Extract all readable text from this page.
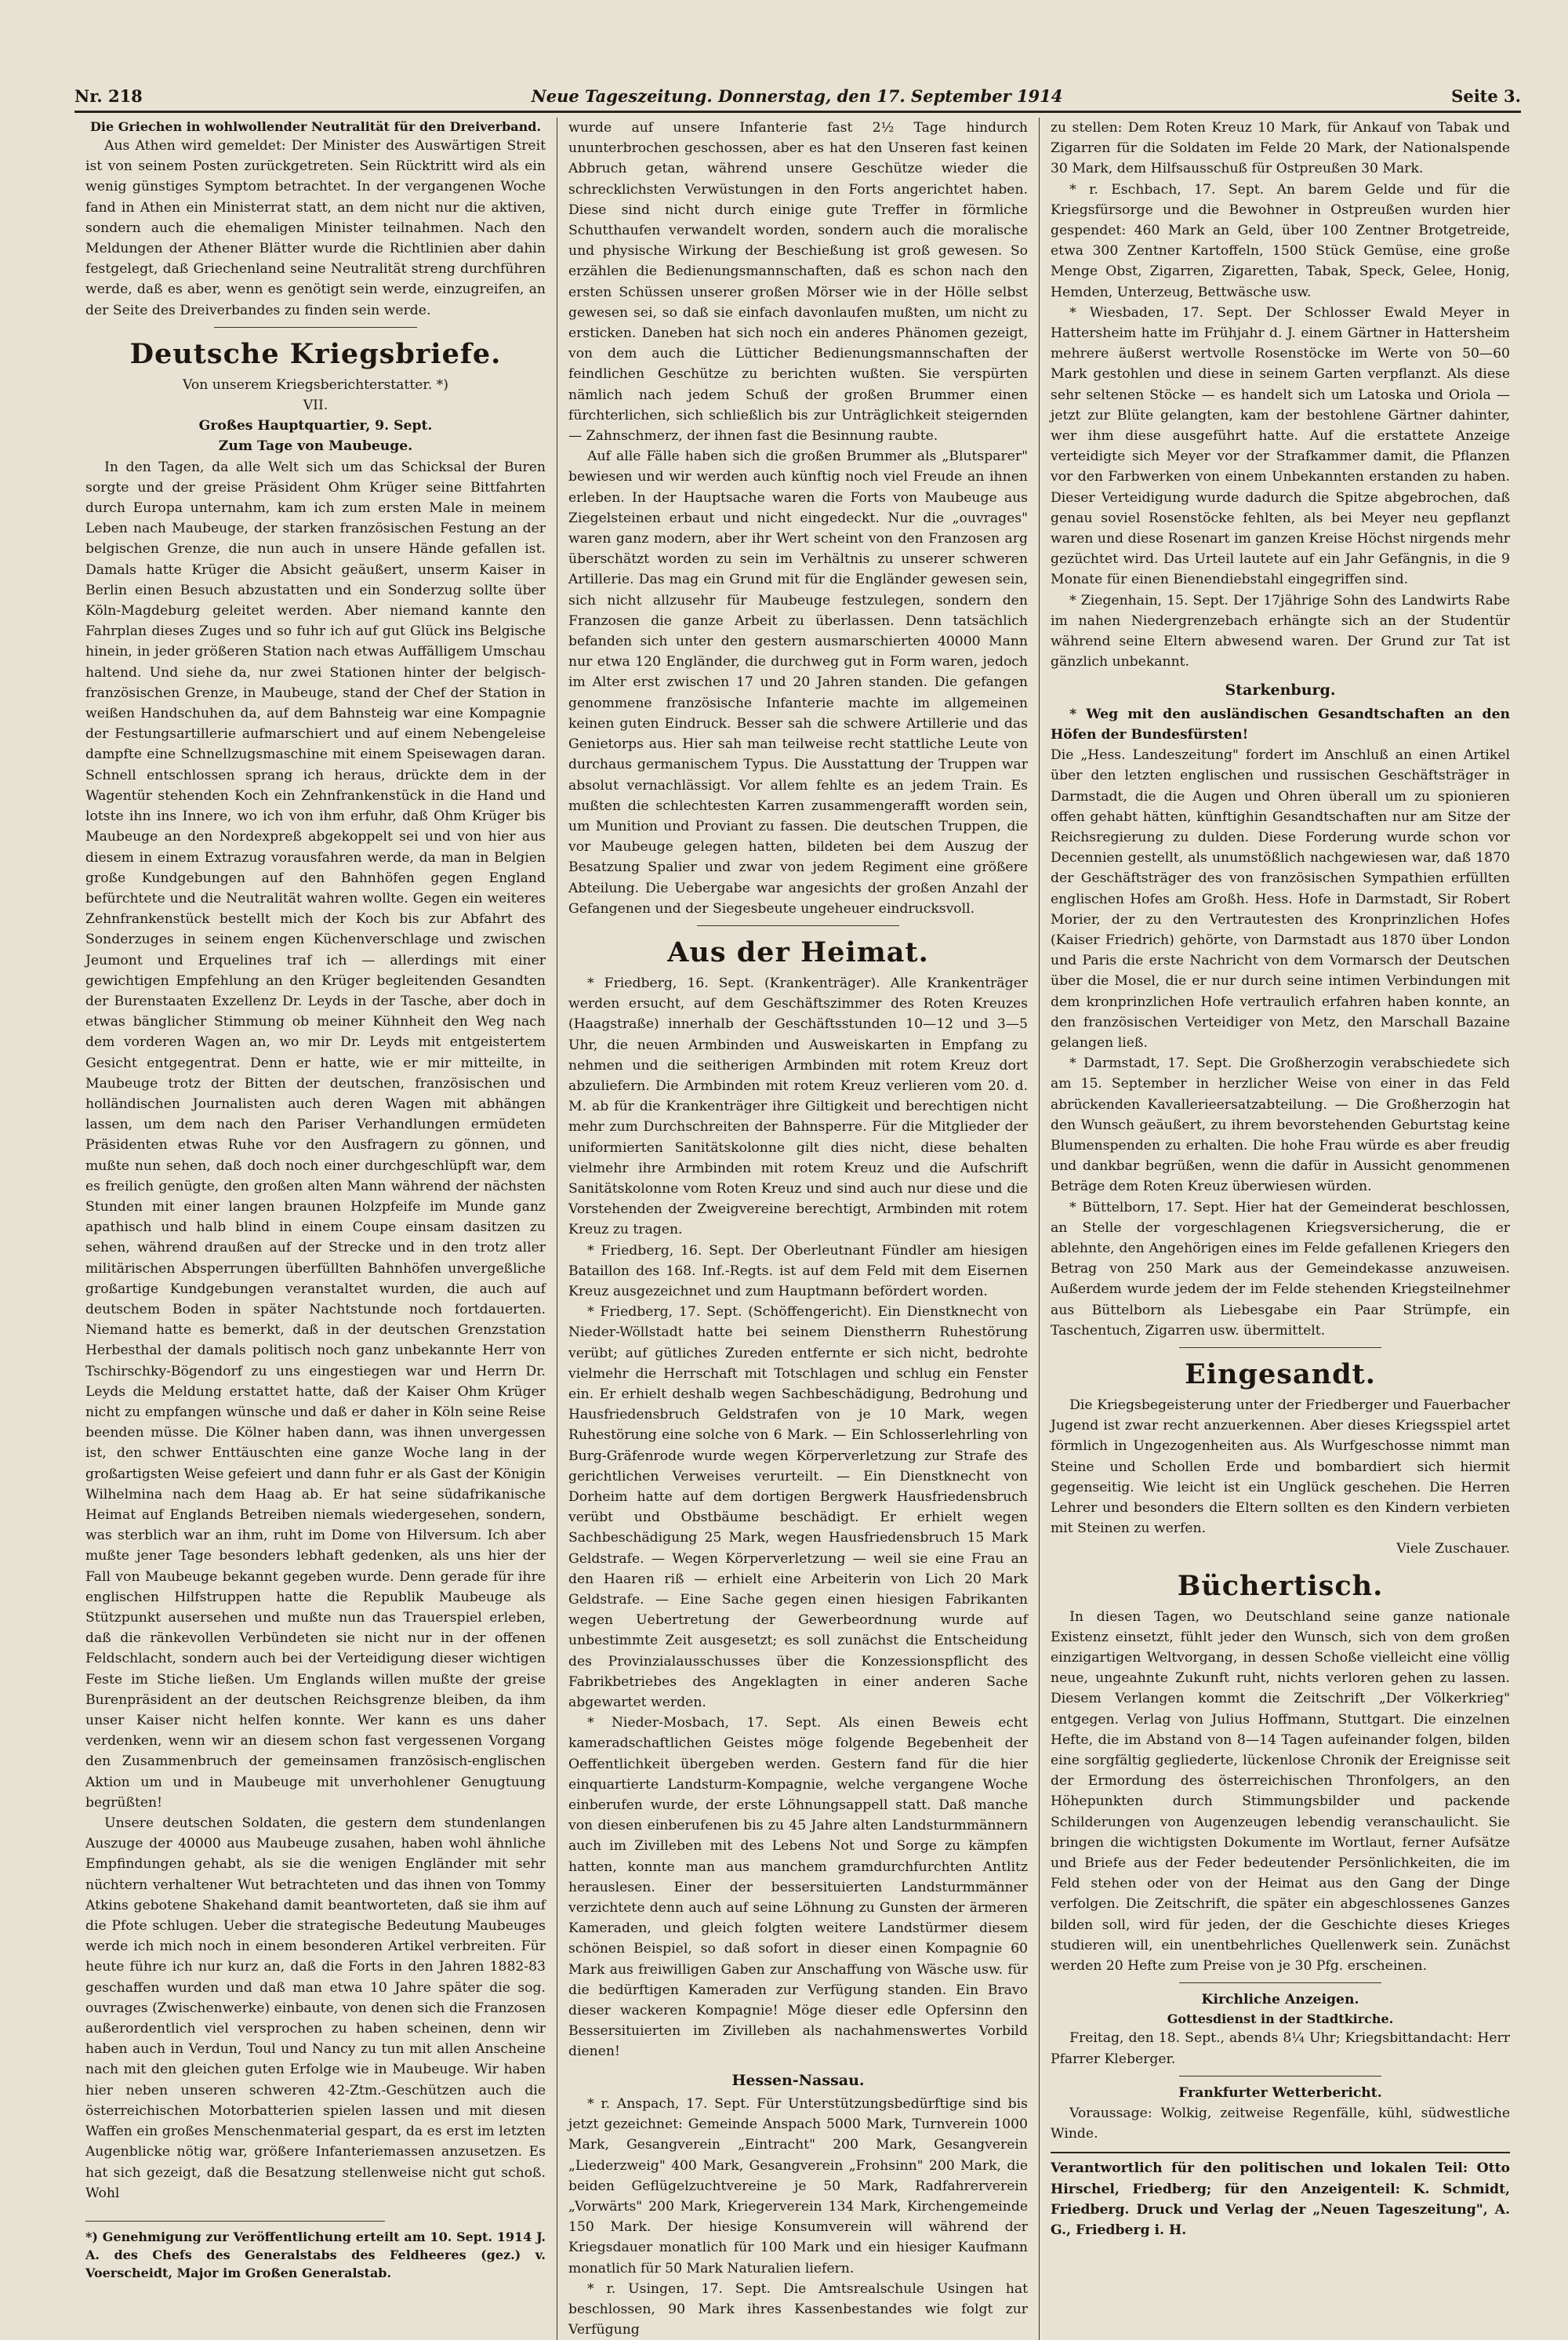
Nr. 218	Neue Tageszeitung. Donnerstag, den 17. September 1914	Seite 3.

Die Griechen in wohlwollender Neutralität für den Dreiverband.

Aus Athen wird gemeldet: Der Minister des Auswärtigen Streit ist von seinem Posten zurückgetreten. Sein Rücktritt wird als ein wenig günstiges Symptom betrachtet. In der vergangenen Woche fand in Athen ein Ministerrat statt, an dem nicht nur die aktiven, sondern auch die ehemaligen Minister teilnahmen. Nach den Meldungen der Athener Blätter wurde die Richtlinien aber dahin festgelegt, daß Griechenland seine Neutralität streng durchführen werde, daß es aber, wenn es genötigt sein werde, einzugreifen, an der Seite des Dreiverbandes zu finden sein werde.

Deutsche Kriegsbriefe.

Von unserem Kriegsberichterstatter. *)

VII.

Großes Hauptquartier, 9. Sept.

Zum Tage von Maubeuge.

In den Tagen, da alle Welt sich um das Schicksal der Buren sorgte und der greise Präsident Ohm Krüger seine Bittfahrten durch Europa unternahm, kam ich zum ersten Male in meinem Leben nach Maubeuge, der starken französischen Festung an der belgischen Grenze, die nun auch in unsere Hände gefallen ist. Damals hatte Krüger die Absicht geäußert, unserm Kaiser in Berlin einen Besuch abzustatten und ein Sonderzug sollte über Köln-Magdeburg geleitet werden. Aber niemand kannte den Fahrplan dieses Zuges und so fuhr ich auf gut Glück ins Belgische hinein, in jeder größeren Station nach etwas Auffälligem Umschau haltend. Und siehe da, nur zwei Stationen hinter der belgisch-französischen Grenze, in Maubeuge, stand der Chef der Station in weißen Handschuhen da, auf dem Bahnsteig war eine Kompagnie der Festungsartillerie aufmarschiert und auf einem Nebengeleise dampfte eine Schnellzugsmaschine mit einem Speisewagen daran. Schnell entschlossen sprang ich heraus, drückte dem in der Wagentür stehenden Koch ein Zehnfrankenstück in die Hand und lotste ihn ins Innere, wo ich von ihm erfuhr, daß Ohm Krüger bis Maubeuge an den Nordexpreß abgekoppelt sei und von hier aus diesem in einem Extrazug vorausfahren werde, da man in Belgien große Kundgebungen auf den Bahnhöfen gegen England befürchtete und die Neutralität wahren wollte. Gegen ein weiteres Zehnfrankenstück bestellt mich der Koch bis zur Abfahrt des Sonderzuges in seinem engen Küchenverschlage und zwischen Jeumont und Erquelines traf ich — allerdings mit einer gewichtigen Empfehlung an den Krüger begleitenden Gesandten der Burenstaaten Exzellenz Dr. Leyds in der Tasche, aber doch in etwas bänglicher Stimmung ob meiner Kühnheit den Weg nach dem vorderen Wagen an, wo mir Dr. Leyds mit entgeistertem Gesicht entgegentrat. Denn er hatte, wie er mir mitteilte, in Maubeuge trotz der Bitten der deutschen, französischen und holländischen Journalisten auch deren Wagen mit abhängen lassen, um dem nach den Pariser Verhandlungen ermüdeten Präsidenten etwas Ruhe vor den Ausfragern zu gönnen, und mußte nun sehen, daß doch noch einer durchgeschlüpft war, dem es freilich genügte, den großen alten Mann während der nächsten Stunden mit einer langen braunen Holzpfeife im Munde ganz apathisch und halb blind in einem Coupe einsam dasitzen zu sehen, während draußen auf der Strecke und in den trotz aller militärischen Absperrungen überfüllten Bahnhöfen unvergeßliche großartige Kundgebungen veranstaltet wurden, die auch auf deutschem Boden in später Nachtstunde noch fortdauerten. Niemand hatte es bemerkt, daß in der deutschen Grenzstation Herbesthal der damals politisch noch ganz unbekannte Herr von Tschirschky-Bögendorf zu uns eingestiegen war und Herrn Dr. Leyds die Meldung erstattet hatte, daß der Kaiser Ohm Krüger nicht zu empfangen wünsche und daß er daher in Köln seine Reise beenden müsse. Die Kölner haben dann, was ihnen unvergessen ist, den schwer Enttäuschten eine ganze Woche lang in der großartigsten Weise gefeiert und dann fuhr er als Gast der Königin Wilhelmina nach dem Haag ab. Er hat seine südafrikanische Heimat auf Englands Betreiben niemals wiedergesehen, sondern, was sterblich war an ihm, ruht im Dome von Hilversum. Ich aber mußte jener Tage besonders lebhaft gedenken, als uns hier der Fall von Maubeuge bekannt gegeben wurde. Denn gerade für ihre englischen Hilfstruppen hatte die Republik Maubeuge als Stützpunkt ausersehen und mußte nun das Trauerspiel erleben, daß die ränkevollen Verbündeten sie nicht nur in der offenen Feldschlacht, sondern auch bei der Verteidigung dieser wichtigen Feste im Stiche ließen. Um Englands willen mußte der greise Burenpräsident an der deutschen Reichsgrenze bleiben, da ihm unser Kaiser nicht helfen konnte. Wer kann es uns daher verdenken, wenn wir an diesem schon fast vergessenen Vorgang den Zusammenbruch der gemeinsamen französisch-englischen Aktion um und in Maubeuge mit unverhohlener Genugtuung begrüßten!

Unsere deutschen Soldaten, die gestern dem stundenlangen Auszuge der 40000 aus Maubeuge zusahen, haben wohl ähnliche Empfindungen gehabt, als sie die wenigen Engländer mit sehr nüchtern verhaltener Wut betrachteten und das ihnen von Tommy Atkins gebotene Shakehand damit beantworteten, daß sie ihm auf die Pfote schlugen. Ueber die strategische Bedeutung Maubeuges werde ich mich noch in einem besonderen Artikel verbreiten. Für heute führe ich nur kurz an, daß die Forts in den Jahren 1882-83 geschaffen wurden und daß man etwa 10 Jahre später die sog. ouvrages (Zwischenwerke) einbaute, von denen sich die Franzosen außerordentlich viel versprochen zu haben scheinen, denn wir haben auch in Verdun, Toul und Nancy zu tun mit allen Anscheine nach mit den gleichen guten Erfolge wie in Maubeuge. Wir haben hier neben unseren schweren 42-Ztm.-Geschützen auch die österreichischen Motorbatterien spielen lassen und mit diesen Waffen ein großes Menschenmaterial gespart, da es erst im letzten Augenblicke nötig war, größere Infanteriemassen anzusetzen. Es hat sich gezeigt, daß die Besatzung stellenweise nicht gut schoß. Wohl

*) Genehmigung zur Veröffentlichung erteilt am 10. Sept. 1914 J. A. des Chefs des Generalstabs des Feldheeres (gez.) v. Voerscheidt, Major im Großen Generalstab.

wurde auf unsere Infanterie fast 2½ Tage hindurch ununterbrochen geschossen, aber es hat den Unseren fast keinen Abbruch getan, während unsere Geschütze wieder die schrecklichsten Verwüstungen in den Forts angerichtet haben. Diese sind nicht durch einige gute Treffer in förmliche Schutthaufen verwandelt worden, sondern auch die moralische und physische Wirkung der Beschießung ist groß gewesen. So erzählen die Bedienungsmannschaften, daß es schon nach den ersten Schüssen unserer großen Mörser wie in der Hölle selbst gewesen sei, so daß sie einfach davonlaufen mußten, um nicht zu ersticken. Daneben hat sich noch ein anderes Phänomen gezeigt, von dem auch die Lütticher Bedienungsmannschaften der feindlichen Geschütze zu berichten wußten. Sie verspürten nämlich nach jedem Schuß der großen Brummer einen fürchterlichen, sich schließlich bis zur Unträglichkeit steigernden — Zahnschmerz, der ihnen fast die Besinnung raubte.

Auf alle Fälle haben sich die großen Brummer als „Blutsparer" bewiesen und wir werden auch künftig noch viel Freude an ihnen erleben. In der Hauptsache waren die Forts von Maubeuge aus Ziegelsteinen erbaut und nicht eingedeckt. Nur die „ouvrages" waren ganz modern, aber ihr Wert scheint von den Franzosen arg überschätzt worden zu sein im Verhältnis zu unserer schweren Artillerie. Das mag ein Grund mit für die Engländer gewesen sein, sich nicht allzusehr für Maubeuge festzulegen, sondern den Franzosen die ganze Arbeit zu überlassen. Denn tatsächlich befanden sich unter den gestern ausmarschierten 40000 Mann nur etwa 120 Engländer, die durchweg gut in Form waren, jedoch im Alter erst zwischen 17 und 20 Jahren standen. Die gefangen genommene französische Infanterie machte im allgemeinen keinen guten Eindruck. Besser sah die schwere Artillerie und das Genietorps aus. Hier sah man teilweise recht stattliche Leute von durchaus germanischem Typus. Die Ausstattung der Truppen war absolut vernachlässigt. Vor allem fehlte es an jedem Train. Es mußten die schlechtesten Karren zusammengerafft worden sein, um Munition und Proviant zu fassen. Die deutschen Truppen, die vor Maubeuge gelegen hatten, bildeten bei dem Auszug der Besatzung Spalier und zwar von jedem Regiment eine größere Abteilung. Die Uebergabe war angesichts der großen Anzahl der Gefangenen und der Siegesbeute ungeheuer eindrucksvoll.

Aus der Heimat.

* Friedberg, 16. Sept. (Krankenträger). Alle Krankenträger werden ersucht, auf dem Geschäftszimmer des Roten Kreuzes (Haagstraße) innerhalb der Geschäftsstunden 10—12 und 3—5 Uhr, die neuen Armbinden und Ausweiskarten in Empfang zu nehmen und die seitherigen Armbinden mit rotem Kreuz dort abzuliefern. Die Armbinden mit rotem Kreuz verlieren vom 20. d. M. ab für die Krankenträger ihre Giltigkeit und berechtigen nicht mehr zum Durchschreiten der Bahnsperre. Für die Mitglieder der uniformierten Sanitätskolonne gilt dies nicht, diese behalten vielmehr ihre Armbinden mit rotem Kreuz und die Aufschrift Sanitätskolonne vom Roten Kreuz und sind auch nur diese und die Vorstehenden der Zweigvereine berechtigt, Armbinden mit rotem Kreuz zu tragen.

* Friedberg, 16. Sept. Der Oberleutnant Fündler am hiesigen Bataillon des 168. Inf.-Regts. ist auf dem Feld mit dem Eisernen Kreuz ausgezeichnet und zum Hauptmann befördert worden.

* Friedberg, 17. Sept. (Schöffengericht). Ein Dienstknecht von Nieder-Wöllstadt hatte bei seinem Dienstherrn Ruhestörung verübt; auf gütliches Zureden entfernte er sich nicht, bedrohte vielmehr die Herrschaft mit Totschlagen und schlug ein Fenster ein. Er erhielt deshalb wegen Sachbeschädigung, Bedrohung und Hausfriedensbruch Geldstrafen von je 10 Mark, wegen Ruhestörung eine solche von 6 Mark. — Ein Schlosserlehrling von Burg-Gräfenrode wurde wegen Körperverletzung zur Strafe des gerichtlichen Verweises verurteilt. — Ein Dienstknecht von Dorheim hatte auf dem dortigen Bergwerk Hausfriedensbruch verübt und Obstbäume beschädigt. Er erhielt wegen Sachbeschädigung 25 Mark, wegen Hausfriedensbruch 15 Mark Geldstrafe. — Wegen Körperverletzung — weil sie eine Frau an den Haaren riß — erhielt eine Arbeiterin von Lich 20 Mark Geldstrafe. — Eine Sache gegen einen hiesigen Fabrikanten wegen Uebertretung der Gewerbeordnung wurde auf unbestimmte Zeit ausgesetzt; es soll zunächst die Entscheidung des Provinzialausschusses über die Konzessionspflicht des Fabrikbetriebes des Angeklagten in einer anderen Sache abgewartet werden.

* Nieder-Mosbach, 17. Sept. Als einen Beweis echt kameradschaftlichen Geistes möge folgende Begebenheit der Oeffentlichkeit übergeben werden. Gestern fand für die hier einquartierte Landsturm-Kompagnie, welche vergangene Woche einberufen wurde, der erste Löhnungsappell statt. Daß manche von diesen einberufenen bis zu 45 Jahre alten Landsturmmännern auch im Zivilleben mit des Lebens Not und Sorge zu kämpfen hatten, konnte man aus manchem gramdurchfurchten Antlitz herauslesen. Einer der bessersituierten Landsturmmänner verzichtete denn auch auf seine Löhnung zu Gunsten der ärmeren Kameraden, und gleich folgten weitere Landstürmer diesem schönen Beispiel, so daß sofort in dieser einen Kompagnie 60 Mark aus freiwilligen Gaben zur Anschaffung von Wäsche usw. für die bedürftigen Kameraden zur Verfügung standen. Ein Bravo dieser wackeren Kompagnie! Möge dieser edle Opfersinn den Bessersituierten im Zivilleben als nachahmenswertes Vorbild dienen!

Hessen-Nassau.

* r. Anspach, 17. Sept. Für Unterstützungsbedürftige sind bis jetzt gezeichnet: Gemeinde Anspach 5000 Mark, Turnverein 1000 Mark, Gesangverein „Eintracht" 200 Mark, Gesangverein „Liederzweig" 400 Mark, Gesangverein „Frohsinn" 200 Mark, die beiden Geflügelzuchtvereine je 50 Mark, Radfahrerverein „Vorwärts" 200 Mark, Kriegerverein 134 Mark, Kirchengemeinde 150 Mark. Der hiesige Konsumverein will während der Kriegsdauer monatlich für 100 Mark und ein hiesiger Kaufmann monatlich für 50 Mark Naturalien liefern.

* r. Usingen, 17. Sept. Die Amtsrealschule Usingen hat beschlossen, 90 Mark ihres Kassenbestandes wie folgt zur Verfügung

zu stellen: Dem Roten Kreuz 10 Mark, für Ankauf von Tabak und Zigarren für die Soldaten im Felde 20 Mark, der Nationalspende 30 Mark, dem Hilfsausschuß für Ostpreußen 30 Mark.

* r. Eschbach, 17. Sept. An barem Gelde und für die Kriegsfürsorge und die Bewohner in Ostpreußen wurden hier gespendet: 460 Mark an Geld, über 100 Zentner Brotgetreide, etwa 300 Zentner Kartoffeln, 1500 Stück Gemüse, eine große Menge Obst, Zigarren, Zigaretten, Tabak, Speck, Gelee, Honig, Hemden, Unterzeug, Bettwäsche usw.

* Wiesbaden, 17. Sept. Der Schlosser Ewald Meyer in Hattersheim hatte im Frühjahr d. J. einem Gärtner in Hattersheim mehrere äußerst wertvolle Rosenstöcke im Werte von 50—60 Mark gestohlen und diese in seinem Garten verpflanzt. Als diese sehr seltenen Stöcke — es handelt sich um Latoska und Oriola — jetzt zur Blüte gelangten, kam der bestohlene Gärtner dahinter, wer ihm diese ausgeführt hatte. Auf die erstattete Anzeige verteidigte sich Meyer vor der Strafkammer damit, die Pflanzen vor den Farbwerken von einem Unbekannten erstanden zu haben. Dieser Verteidigung wurde dadurch die Spitze abgebrochen, daß genau soviel Rosenstöcke fehlten, als bei Meyer neu gepflanzt waren und diese Rosenart im ganzen Kreise Höchst nirgends mehr gezüchtet wird. Das Urteil lautete auf ein Jahr Gefängnis, in die 9 Monate für einen Bienendiebstahl eingegriffen sind.

* Ziegenhain, 15. Sept. Der 17jährige Sohn des Landwirts Rabe im nahen Niedergrenzebach erhängte sich an der Studentür während seine Eltern abwesend waren. Der Grund zur Tat ist gänzlich unbekannt.

Starkenburg.

* Weg mit den ausländischen Gesandtschaften an den Höfen der Bundesfürsten!

Die „Hess. Landeszeitung" fordert im Anschluß an einen Artikel über den letzten englischen und russischen Geschäftsträger in Darmstadt, die die Augen und Ohren überall um zu spionieren offen gehabt hätten, künftighin Gesandtschaften nur am Sitze der Reichsregierung zu dulden. Diese Forderung wurde schon vor Decennien gestellt, als unumstößlich nachgewiesen war, daß 1870 der Geschäftsträger des von französischen Sympathien erfüllten englischen Hofes am Großh. Hess. Hofe in Darmstadt, Sir Robert Morier, der zu den Vertrautesten des Kronprinzlichen Hofes (Kaiser Friedrich) gehörte, von Darmstadt aus 1870 über London und Paris die erste Nachricht von dem Vormarsch der Deutschen über die Mosel, die er nur durch seine intimen Verbindungen mit dem kronprinzlichen Hofe vertraulich erfahren haben konnte, an den französischen Verteidiger von Metz, den Marschall Bazaine gelangen ließ.

* Darmstadt, 17. Sept. Die Großherzogin verabschiedete sich am 15. September in herzlicher Weise von einer in das Feld abrückenden Kavallerieersatzabteilung. — Die Großherzogin hat den Wunsch geäußert, zu ihrem bevorstehenden Geburtstag keine Blumenspenden zu erhalten. Die hohe Frau würde es aber freudig und dankbar begrüßen, wenn die dafür in Aussicht genommenen Beträge dem Roten Kreuz überwiesen würden.

* Büttelborn, 17. Sept. Hier hat der Gemeinderat beschlossen, an Stelle der vorgeschlagenen Kriegsversicherung, die er ablehnte, den Angehörigen eines im Felde gefallenen Kriegers den Betrag von 250 Mark aus der Gemeindekasse anzuweisen. Außerdem wurde jedem der im Felde stehenden Kriegsteilnehmer aus Büttelborn als Liebesgabe ein Paar Strümpfe, ein Taschentuch, Zigarren usw. übermittelt.

Eingesandt.

Die Kriegsbegeisterung unter der Friedberger und Fauerbacher Jugend ist zwar recht anzuerkennen. Aber dieses Kriegsspiel artet förmlich in Ungezogenheiten aus. Als Wurfgeschosse nimmt man Steine und Schollen Erde und bombardiert sich hiermit gegenseitig. Wie leicht ist ein Unglück geschehen. Die Herren Lehrer und besonders die Eltern sollten es den Kindern verbieten mit Steinen zu werfen.

Viele Zuschauer.

Büchertisch.

In diesen Tagen, wo Deutschland seine ganze nationale Existenz einsetzt, fühlt jeder den Wunsch, sich von dem großen einzigartigen Weltvorgang, in dessen Schoße vielleicht eine völlig neue, ungeahnte Zukunft ruht, nichts verloren gehen zu lassen. Diesem Verlangen kommt die Zeitschrift „Der Völkerkrieg" entgegen. Verlag von Julius Hoffmann, Stuttgart. Die einzelnen Hefte, die im Abstand von 8—14 Tagen aufeinander folgen, bilden eine sorgfältig gegliederte, lückenlose Chronik der Ereignisse seit der Ermordung des österreichischen Thronfolgers, an den Höhepunkten durch Stimmungsbilder und packende Schilderungen von Augenzeugen lebendig veranschaulicht. Sie bringen die wichtigsten Dokumente im Wortlaut, ferner Aufsätze und Briefe aus der Feder bedeutender Persönlichkeiten, die im Feld stehen oder von der Heimat aus den Gang der Dinge verfolgen. Die Zeitschrift, die später ein abgeschlossenes Ganzes bilden soll, wird für jeden, der die Geschichte dieses Krieges studieren will, ein unentbehrliches Quellenwerk sein. Zunächst werden 20 Hefte zum Preise von je 30 Pfg. erscheinen.

Kirchliche Anzeigen.

Gottesdienst in der Stadtkirche.

Freitag, den 18. Sept., abends 8¼ Uhr; Kriegsbittandacht: Herr Pfarrer Kleberger.

Frankfurter Wetterbericht.

Voraussage: Wolkig, zeitweise Regenfälle, kühl, südwestliche Winde.

Verantwortlich für den politischen und lokalen Teil: Otto Hirschel, Friedberg; für den Anzeigenteil: K. Schmidt, Friedberg. Druck und Verlag der „Neuen Tageszeitung", A. G., Friedberg i. H.
